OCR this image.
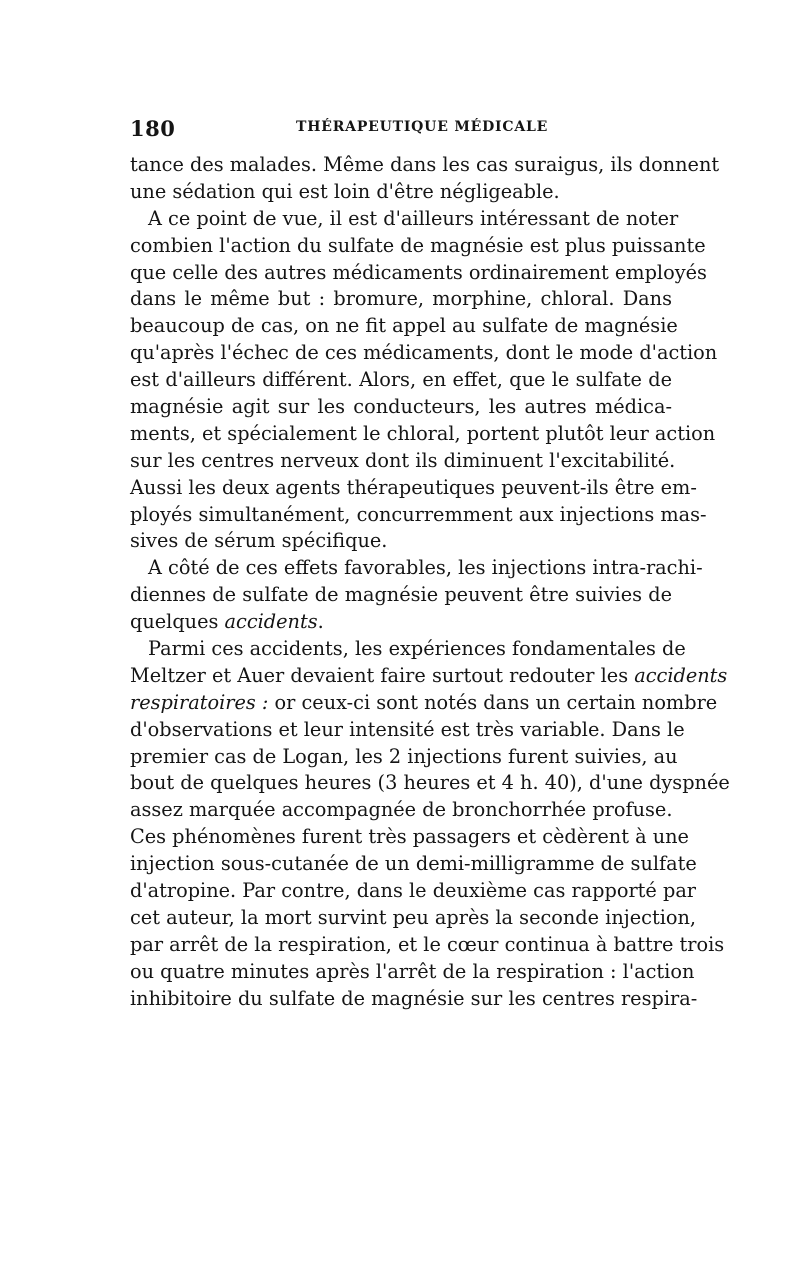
180	THÉRAPEUTIQUE MÉDICALE
tance des malades. Même dans les cas suraigus, ils donnent
une sédation qui est loin d'être négligeable.
A ce point de vue, il est d'ailleurs intéressant de noter
combien l'action du sulfate de magnésie est plus puissante
que celle des autres médicaments ordinairement employés
dans le même but : bromure, morphine, chloral. Dans
beaucoup de cas, on ne fit appel au sulfate de magnésie
qu'après l'échec de ces médicaments, dont le mode d'action
est d'ailleurs différent. Alors, en effet, que le sulfate de
magnésie agit sur les conducteurs, les autres médica-
ments, et spécialement le chloral, portent plutôt leur action
sur les centres nerveux dont ils diminuent l'excitabilité.
Aussi les deux agents thérapeutiques peuvent-ils être em-
ployés simultanément, concurremment aux injections mas-
sives de sérum spécifique.
A côté de ces effets favorables, les injections intra-rachi-
diennes de sulfate de magnésie peuvent être suivies de
quelques accidents.
Parmi ces accidents, les expériences fondamentales de
Meltzer et Auer devaient faire surtout redouter les accidents
respiratoires : or ceux-ci sont notés dans un certain nombre
d'observations et leur intensité est très variable. Dans le
premier cas de Logan, les 2 injections furent suivies, au
bout de quelques heures (3 heures et 4 h. 40), d'une dyspnée
assez marquée accompagnée de bronchorrhée profuse.
Ces phénomènes furent très passagers et cèdèrent à une
injection sous-cutanée de un demi-milligramme de sulfate
d'atropine. Par contre, dans le deuxième cas rapporté par
cet auteur, la mort survint peu après la seconde injection,
par arrêt de la respiration, et le cœur continua à battre trois
ou quatre minutes après l'arrêt de la respiration : l'action
inhibitoire du sulfate de magnésie sur les centres respira-
